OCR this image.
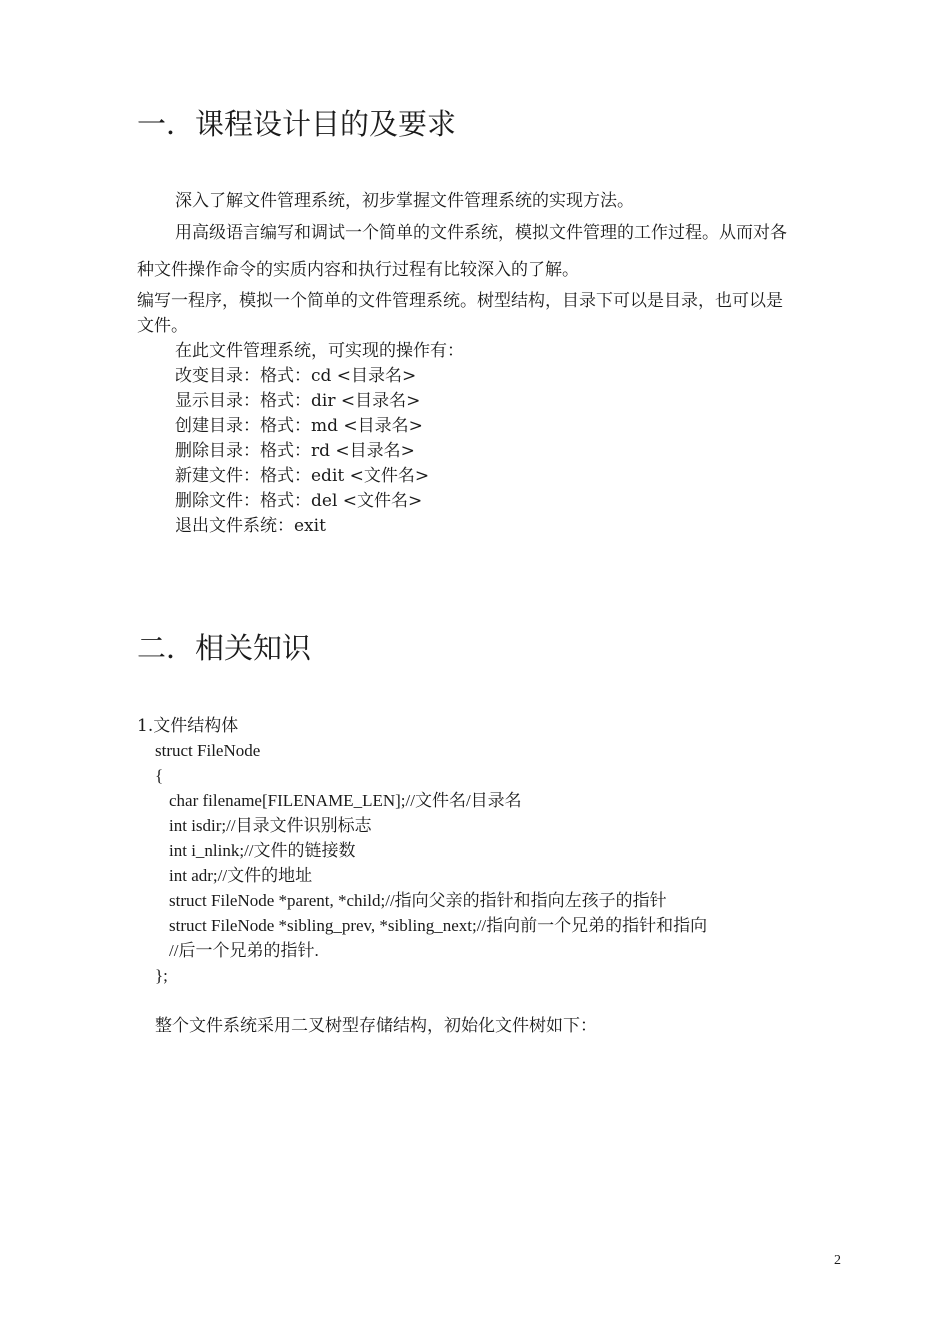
一．课程设计目的及要求
深入了解文件管理系统，初步掌握文件管理系统的实现方法。
用高级语言编写和调试一个简单的文件系统，模拟文件管理的工作过程。从而对各
种文件操作命令的实质内容和执行过程有比较深入的了解。
编写一程序，模拟一个简单的文件管理系统。树型结构，目录下可以是目录，也可以是
文件。
在此文件管理系统，可实现的操作有：
改变目录：格式：cd <目录名>
显示目录：格式：dir <目录名>
创建目录：格式：md <目录名>
删除目录：格式：rd <目录名>
新建文件：格式：edit <文件名>
删除文件：格式：del <文件名>
退出文件系统：exit
二．相关知识
1.文件结构体
struct FileNode
{
char filename[FILENAME_LEN];//文件名/目录名
int isdir;//目录文件识别标志
int i_nlink;//文件的链接数
int adr;//文件的地址
struct FileNode *parent, *child;//指向父亲的指针和指向左孩子的指针
struct FileNode *sibling_prev, *sibling_next;//指向前一个兄弟的指针和指向
//后一个兄弟的指针.
};
整个文件系统采用二叉树型存储结构，初始化文件树如下：
2
